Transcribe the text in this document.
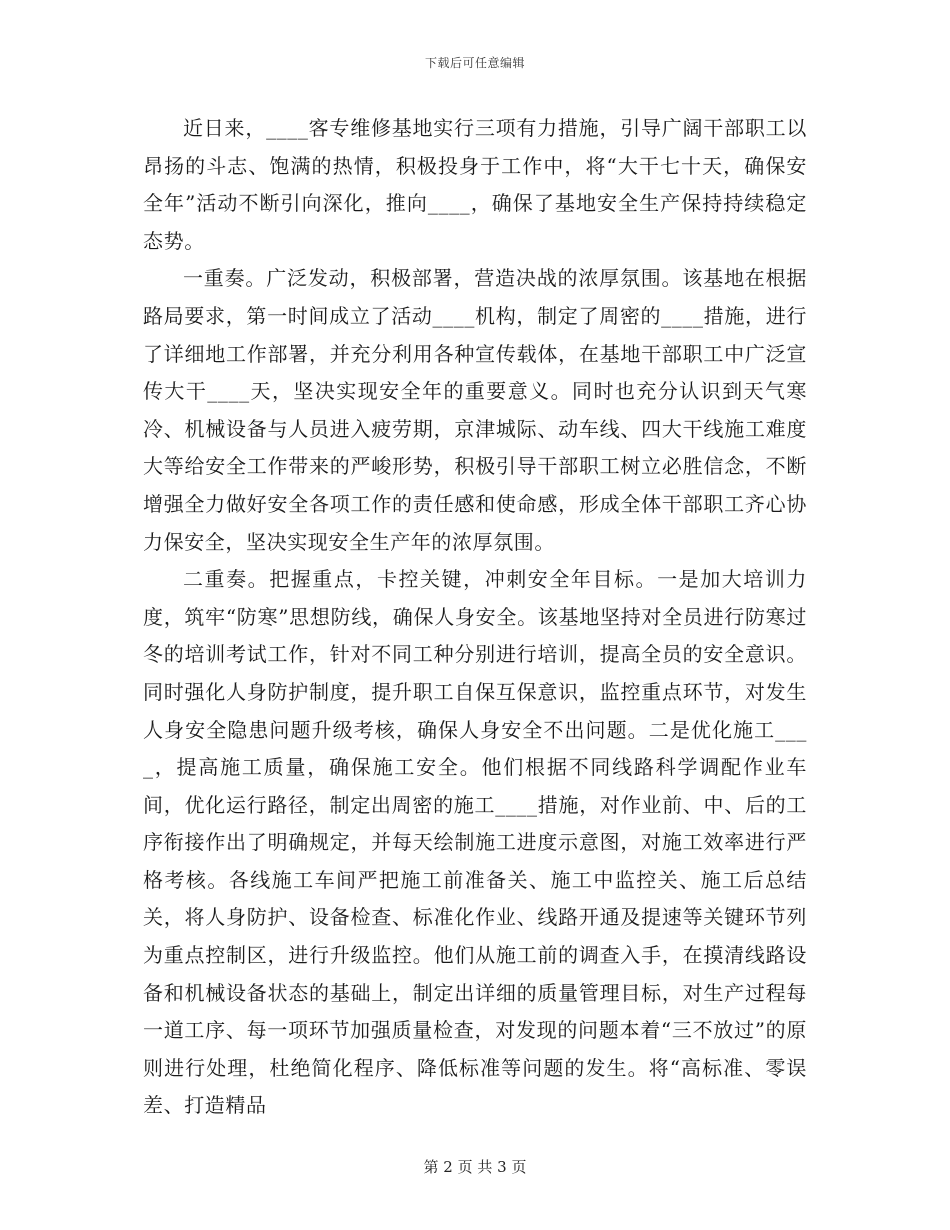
下载后可任意编辑

近日来，____客专维修基地实行三项有力措施，引导广阔干部职工以昂扬的斗志、饱满的热情，积极投身于工作中，将“大干七十天，确保安全年”活动不断引向深化，推向____，确保了基地安全生产保持持续稳定态势。

一重奏。广泛发动，积极部署，营造决战的浓厚氛围。该基地在根据路局要求，第一时间成立了活动____机构，制定了周密的____措施，进行了详细地工作部署，并充分利用各种宣传载体，在基地干部职工中广泛宣传大干____天，坚决实现安全年的重要意义。同时也充分认识到天气寒冷、机械设备与人员进入疲劳期，京津城际、动车线、四大干线施工难度大等给安全工作带来的严峻形势，积极引导干部职工树立必胜信念，不断增强全力做好安全各项工作的责任感和使命感，形成全体干部职工齐心协力保安全，坚决实现安全生产年的浓厚氛围。

二重奏。把握重点，卡控关键，冲刺安全年目标。一是加大培训力度，筑牢“防寒”思想防线，确保人身安全。该基地坚持对全员进行防寒过冬的培训考试工作，针对不同工种分别进行培训，提高全员的安全意识。同时强化人身防护制度，提升职工自保互保意识，监控重点环节，对发生人身安全隐患问题升级考核，确保人身安全不出问题。二是优化施工____，提高施工质量，确保施工安全。他们根据不同线路科学调配作业车间，优化运行路径，制定出周密的施工____措施，对作业前、中、后的工序衔接作出了明确规定，并每天绘制施工进度示意图，对施工效率进行严格考核。各线施工车间严把施工前准备关、施工中监控关、施工后总结关，将人身防护、设备检查、标准化作业、线路开通及提速等关键环节列为重点控制区，进行升级监控。他们从施工前的调查入手，在摸清线路设备和机械设备状态的基础上，制定出详细的质量管理目标，对生产过程每一道工序、每一项环节加强质量检查，对发现的问题本着“三不放过”的原则进行处理，杜绝简化程序、降低标准等问题的发生。将“高标准、零误差、打造精品

第 2 页 共 3 页
